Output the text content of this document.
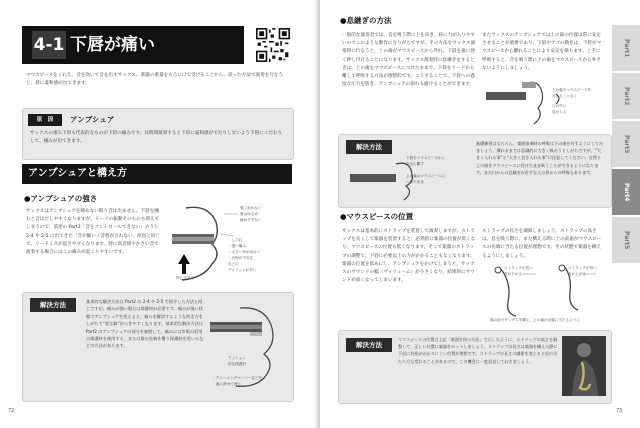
4-1 下唇が痛い
マウスピースをくわえ、音を吹いて音を出すサックス。楽器の重量をもろに口で受けることから、誤った方法で演奏を行なうと、唇に違和感が出てきます。
原　因	アンブシュア
サックスの重み下唇も代表的なものが下唇の痛みです。長時間演奏すると下唇に違和感がでたりしないよう下唇にこだわりして、痛みが出てきます。
アンブシュアと構え方
●アンブシュアの強さ
サックスはアンブシュアを締めない限り音は出ません。下唇を噛むと音はだしやすくなりますが、リードの振動そのものも抑えてしまうので、前述の Part2「音をコントロールできない」のうち 2-4 や 2-5 に出てきた「音が細い / 音程が合わない」原因と同じで、リードミスが起きやすくなります。特に高音域やかさい音で演奏する場合にはこの痛みが起こりやすいです。
強く吹かない
唇はゆるめ
締めすぎない
・しびれ
・強い痛み
・大きい音が出ない
・音程が不安定
などの
デメリットが多い
押しすぎる
解決方法	基本的な解決方法は Part2 の 2-4 や 2-5 で紹介した方法と同じですが、痛みが強い場合は保護材が必要です。痛みが強い状態でアンブシュアを変えると、痛みを解消するような吹き方をしがちで“変な癖”がつきやすくなります。基本的な解決方法は Part2 のアンブシュアの部分を参照して、痛みには市販の唇用の保護材を使用する、または歯の先端を覆う保護材を用いるなどの方法があります。
クッション
的な保護材
・クリーニングペーパーなどを
歯に被せて使う
72
●息継ぎの方法
一般的な演奏者では、音を吸う際に上を向き、肩に力が入りやすいのでこのような動作になりがちですが、その方法をサックス演奏時に行なうと、上の歯がマウスピースから外れ、下唇を歯に強く押し付けることになります。サックス演奏時に息継ぎをするときは、上の歯をマウスピースにつけたままで、下唇をリードから離して呼吸する方法が理想的です。こうすることで、下唇への過度な圧力を防ぎ、アンブシュアの崩れも避けることができます。
またサックスのアンブシュアでは上の歯の位置は常に安定させることが重要であり、下唇やアゴの動きは、下唇がマウスピースから離れることにより安定を保ちます。上手に呼吸すると、音を吸う際に上の歯をマウスピースから外さないようにしましょう。
上の歯でマウスピースを
支えることなく
口の中に
息が入る
解決方法
下唇をマウスピースから
完全に離す
上の歯はマウスピースに
つけたまま
基礎練習はもちろん、楽曲演奏時の呼吸は下の歯を外すようにしてみましょう。慣れるまでは意識的に大きく吸おうとしがちですが、“大きく入れる事”と“大きく息を入れる事”に注意してください。自然と上の歯をマウスピースに付けたまま吸うことができるようになります。また口からの息継ぎが苦手な人は鼻からの呼吸もあります。
●マウスピースの位置
サックスは基本的にストラップを装着して演奏しますが、ストラップを長くして楽器を装着すると、必然的に楽器の位置が低くなり、マウスピースの位置も低くなります。そこで楽器のストラップの調整で、下唇に必要以上の力がかかることもなくなります。楽器の位置を低めにし、アンブシュアをかけてしまうと、サックスのサウンドの幅（ヴォリューム）が小さくなり、結果的にサウンドが弱くなってしまいます。
ストラップの長さを調節しましょう。ストラップの高さは、息を吸う際に、また構える際に上の前歯がマウスピースの先端に当たる位置が理想です。その状態で楽器を構えるようにしましょう。
ストラップが長い	ストラップが短い
首が下がる	首が上がる
顔の前でサックスを構え、上の歯が正確に当たるように
解決方法
マウスピースの位置は上記「楽器を持つ方法」で示したように、ストラップの高さを調整して、正しい位置に楽器をセットしましょう。ストラップの長さは楽器を構えた際に下唇に負担がかかりにくい位置が理想です。ストラップの長さの調節を変えると唇の当たり方も変わることがあるので、この機会に一度見直しておきましょう。
73
Part1
Part2
Part3
Part4
Part5
